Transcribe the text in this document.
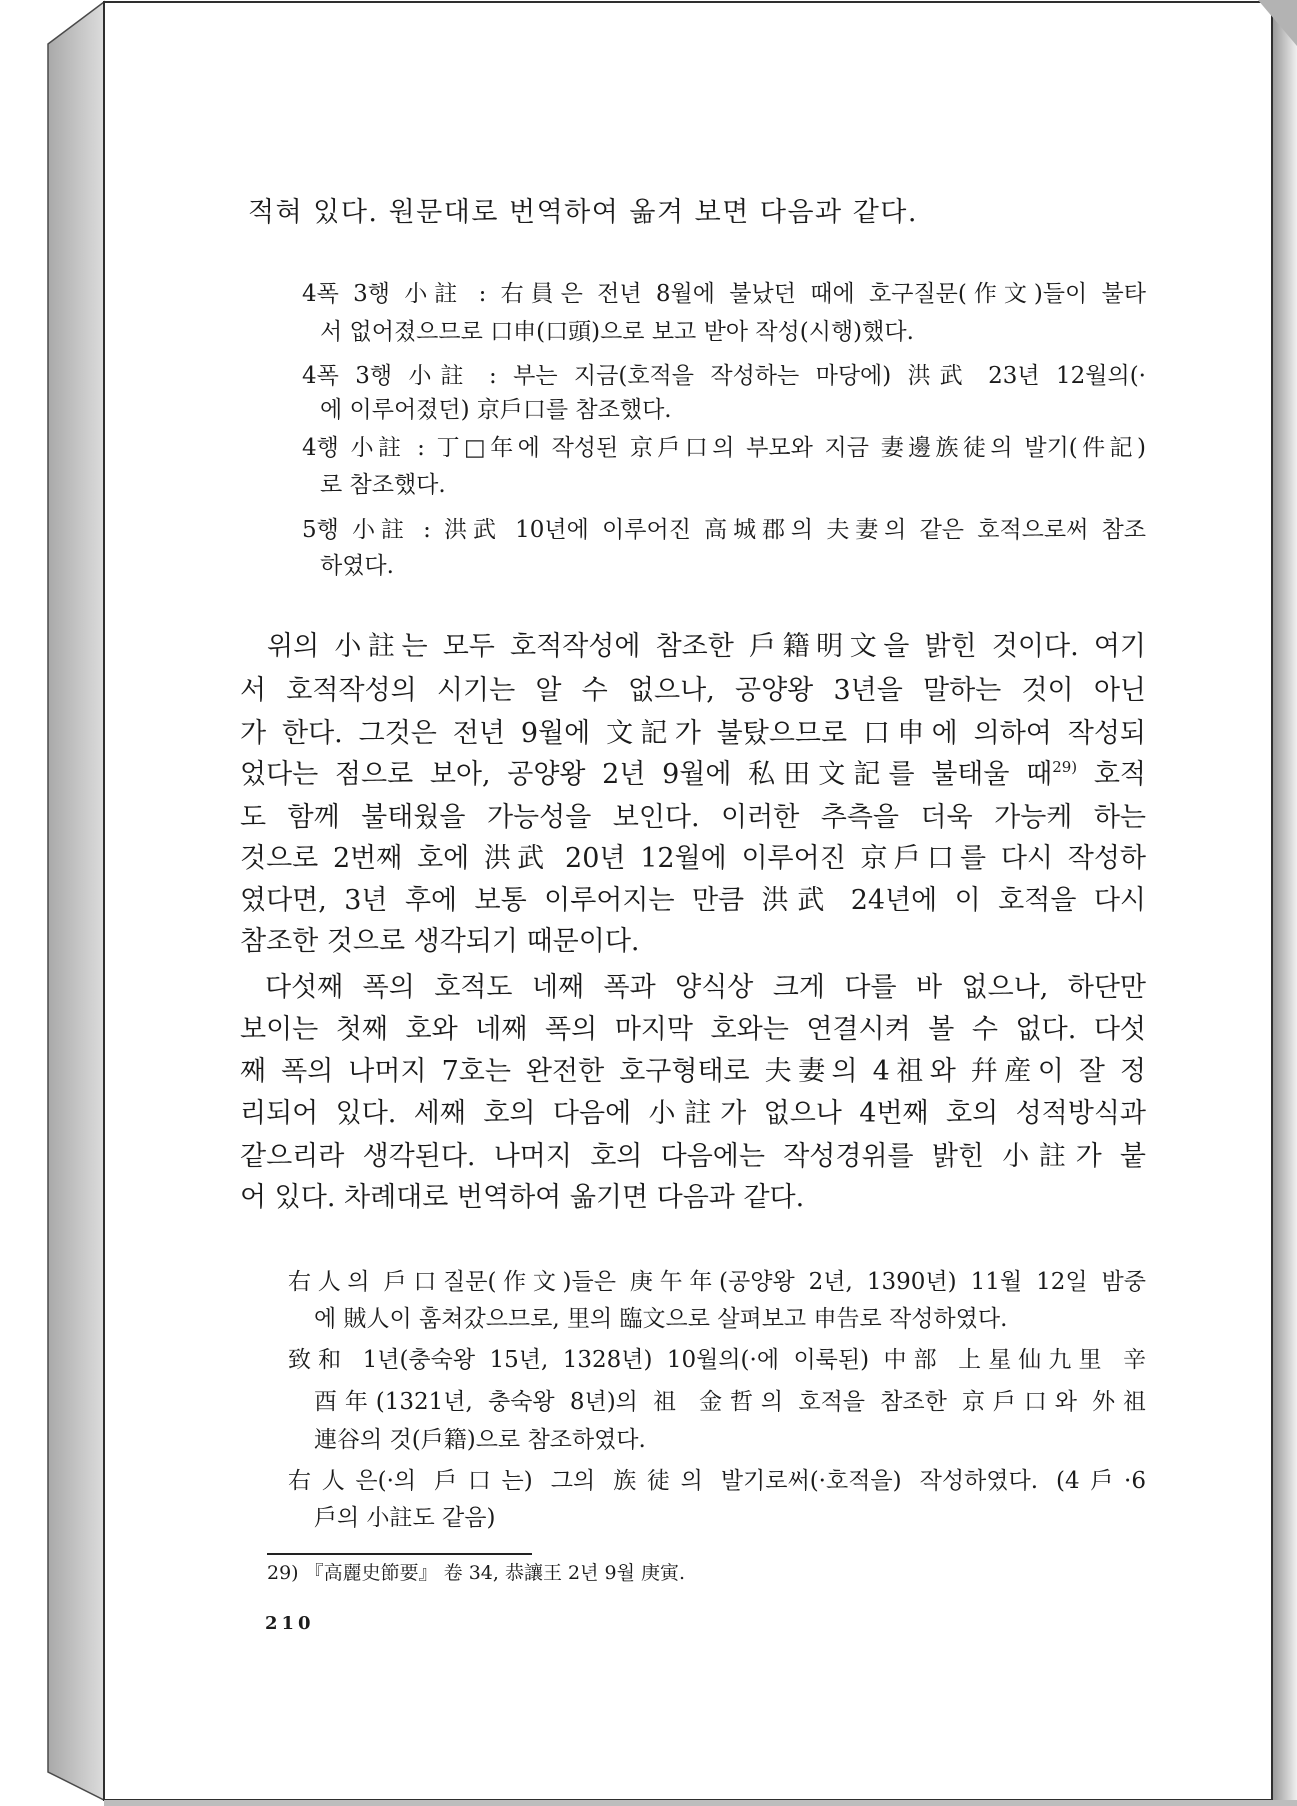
적혀 있다. 원문대로 번역하여 옮겨 보면 다음과 같다.
4폭 3행 小註 : 右員은 전년 8월에 불났던 때에 호구질문(作文)들이 불타
서 없어졌으므로 口申(口頭)으로 보고 받아 작성(시행)했다.
4폭 3행 小註 : 부는 지금(호적을 작성하는 마당에) 洪武 23년 12월의(·
에 이루어졌던) 京戶口를 참조했다.
4행 小註 : 丁□年에 작성된 京戶口의 부모와 지금 妻邊族徒의 발기(件記)
로 참조했다.
5행 小註 : 洪武 10년에 이루어진 高城郡의 夫妻의 같은 호적으로써 참조
하였다.
위의 小註는 모두 호적작성에 참조한 戶籍明文을 밝힌 것이다. 여기
서 호적작성의 시기는 알 수 없으나, 공양왕 3년을 말하는 것이 아닌
가 한다. 그것은 전년 9월에 文記가 불탔으므로 口申에 의하여 작성되
었다는 점으로 보아, 공양왕 2년 9월에 私田文記를 불태울 때$^{29)}$ 호적
도 함께 불태웠을 가능성을 보인다. 이러한 추측을 더욱 가능케 하는
것으로 2번째 호에 洪武 20년 12월에 이루어진 京戶口를 다시 작성하
였다면, 3년 후에 보통 이루어지는 만큼 洪武 24년에 이 호적을 다시
참조한 것으로 생각되기 때문이다.
다섯째 폭의 호적도 네째 폭과 양식상 크게 다를 바 없으나, 하단만
보이는 첫째 호와 네째 폭의 마지막 호와는 연결시켜 볼 수 없다. 다섯
째 폭의 나머지 7호는 완전한 호구형태로 夫妻의 4祖와 幷産이 잘 정
리되어 있다. 세째 호의 다음에 小註가 없으나 4번째 호의 성적방식과
같으리라 생각된다. 나머지 호의 다음에는 작성경위를 밝힌 小註가 붙
어 있다. 차례대로 번역하여 옮기면 다음과 같다.
右人의 戶口질문(作文)들은 庚午年(공양왕 2년, 1390년) 11월 12일 밤중
에 賊人이 훔쳐갔으므로, 里의 臨文으로 살펴보고 申告로 작성하였다.
致和 1년(충숙왕 15년, 1328년) 10월의(·에 이룩된) 中部 上星仙九里 辛
酉年(1321년, 충숙왕 8년)의 祖 金哲의 호적을 참조한 京戶口와 外祖
連谷의 것(戶籍)으로 참조하였다.
右人은(·의 戶口는) 그의 族徒의 발기로써(·호적을) 작성하였다. (4戶·6
戶의 小註도 같음)
29) 『高麗史節要』 卷 34, 恭讓王 2년 9월 庚寅.
210
